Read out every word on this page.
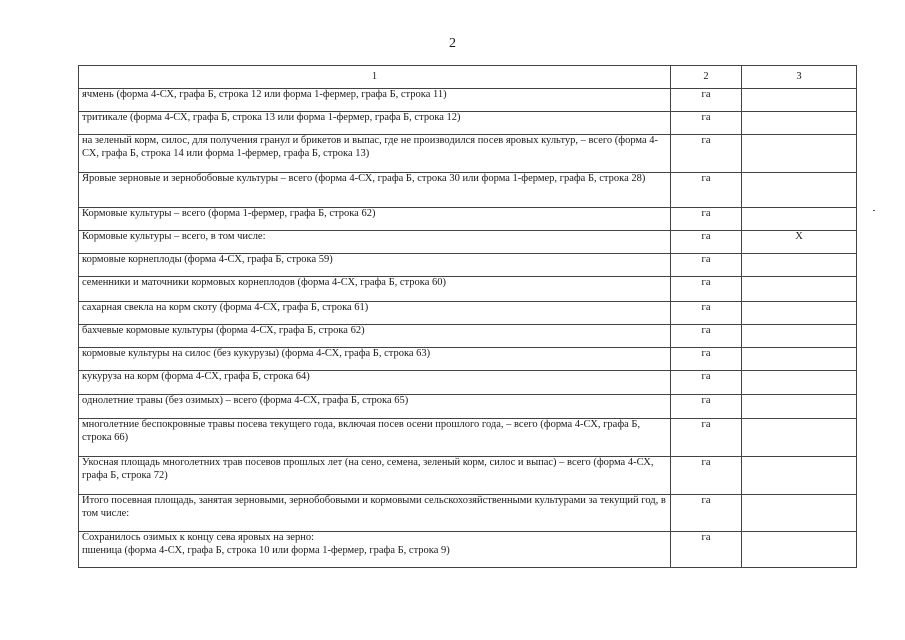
2
1	2	3
ячмень (форма 4-СХ, графа Б, строка 12 или форма 1-фермер, графа Б, строка 11)	га	
тритикале (форма 4-СХ, графа Б, строка 13 или форма 1-фермер, графа Б, строка 12)	га	
на зеленый корм, силос, для получения гранул и брикетов и выпас, где не производился посев яровых культур, – всего (форма 4-СХ, графа Б, строка 14 или форма 1-фермер, графа Б, строка 13)	га	
Яровые зерновые и зернобобовые культуры – всего (форма 4-СХ, графа Б, строка 30 или форма 1-фермер, графа Б, строка 28)	га	
Кормовые культуры – всего (форма 1-фермер, графа Б, строка 62)	га	
Кормовые культуры – всего, в том числе:	га	X
кормовые корнеплоды (форма 4-СХ, графа Б, строка 59)	га	
семенники и маточники кормовых корнеплодов (форма 4-СХ, графа Б, строка 60)	га	
сахарная свекла на корм скоту (форма 4-СХ, графа Б, строка 61)	га	
бахчевые кормовые культуры (форма 4-СХ, графа Б, строка 62)	га	
кормовые культуры на силос (без кукурузы) (форма 4-СХ, графа Б, строка 63)	га	
кукуруза на корм (форма 4-СХ, графа Б, строка 64)	га	
однолетние травы (без озимых) – всего (форма 4-СХ, графа Б, строка 65)	га	
многолетние беспокровные травы посева текущего года, включая посев осени прошлого года, – всего (форма 4-СХ, графа Б, строка 66)	га	
Укосная площадь многолетних трав посевов прошлых лет (на сено, семена, зеленый корм, силос и выпас) – всего (форма 4-СХ, графа Б, строка 72)	га	
Итого посевная площадь, занятая зерновыми, зернобобовыми и кормовыми сельскохозяйственными культурами за текущий год, в том числе:	га	
Сохранилось озимых к концу сева яровых на зерно:
пшеница (форма 4-СХ, графа Б, строка 10 или форма 1-фермер, графа Б, строка 9)	га	
